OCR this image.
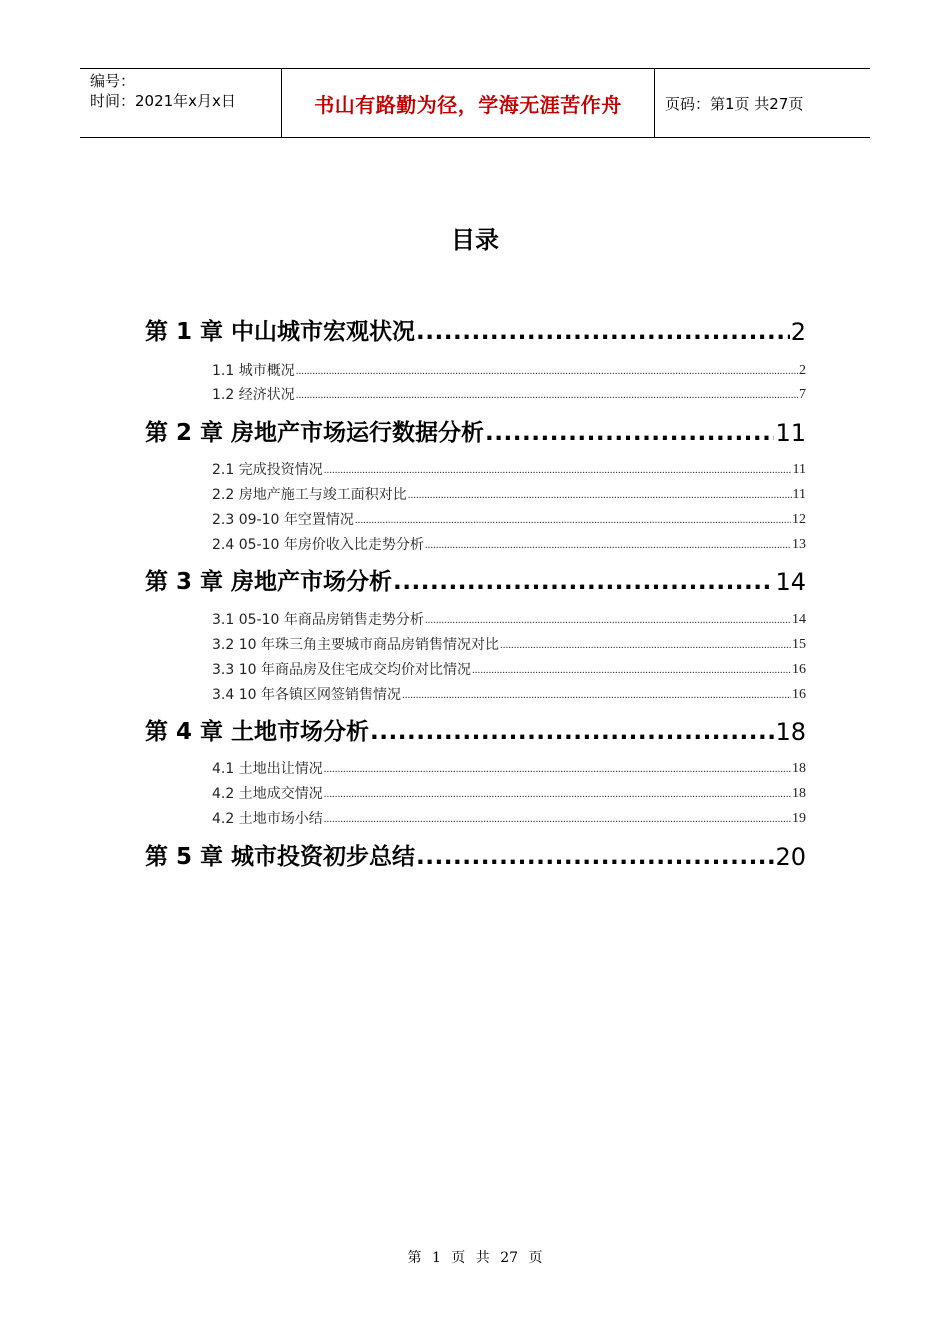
编号：
时间：2021年x月x日	书山有路勤为径，学海无涯苦作舟	页码：第1页 共27页
目录
第 1 章 中山城市宏观状况 .....	2
1.1 城市概况 .....	2
1.2 经济状况 .....	7
第 2 章 房地产市场运行数据分析 .....	11
2.1 完成投资情况 .....	11
2.2 房地产施工与竣工面积对比 .....	11
2.3 09-10 年空置情况 .....	12
2.4 05-10 年房价收入比走势分析 .....	13
第 3 章 房地产市场分析 .....	14
3.1 05-10 年商品房销售走势分析 .....	14
3.2 10 年珠三角主要城市商品房销售情况对比 .....	15
3.3 10 年商品房及住宅成交均价对比情况 .....	16
3.4 10 年各镇区网签销售情况 .....	16
第 4 章 土地市场分析 .....	18
4.1 土地出让情况 .....	18
4.2 土地成交情况 .....	18
4.2 土地市场小结 .....	19
第 5 章 城市投资初步总结 .....	20
第 1 页 共 27 页
